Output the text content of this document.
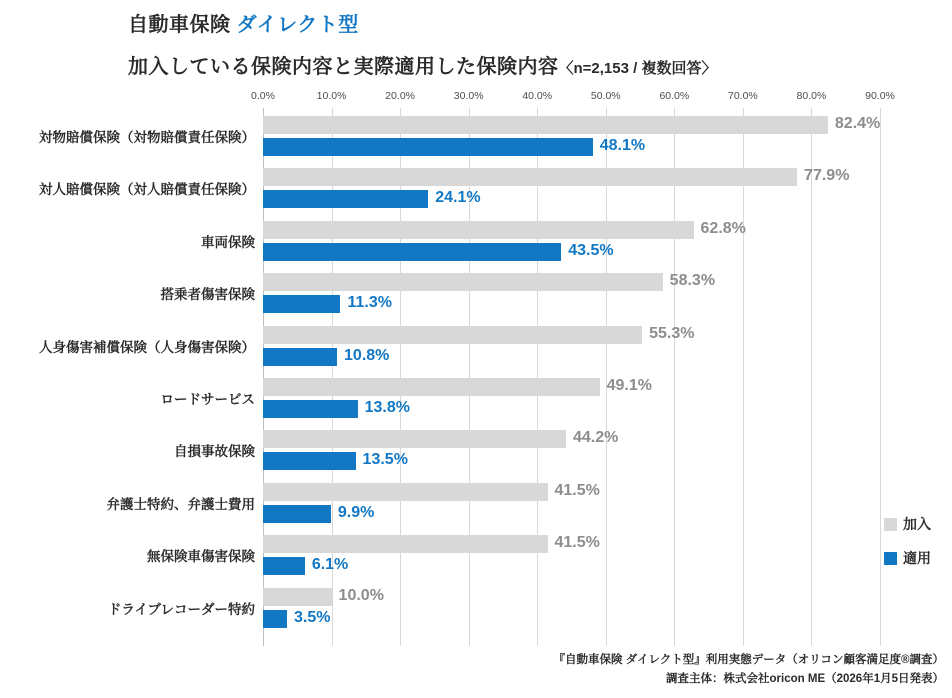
自動車保険 ダイレクト型
加入している保険内容と実際適用した保険内容〈n=2,153 / 複数回答〉
0.0%	10.0%	20.0%	30.0%	40.0%	50.0%	60.0%	70.0%	80.0%	90.0%
対物賠償保険（対物賠償責任保険）
82.4%
48.1%
対人賠償保険（対人賠償責任保険）
77.9%
24.1%
車両保険
62.8%
43.5%
搭乗者傷害保険
58.3%
11.3%
人身傷害補償保険（人身傷害保険）
55.3%
10.8%
ロードサービス
49.1%
13.8%
自損事故保険
44.2%
13.5%
弁護士特約、弁護士費用
41.5%
9.9%
無保険車傷害保険
41.5%
6.1%
ドライブレコーダー特約
10.0%
3.5%
加入
適用
『自動車保険 ダイレクト型』利用実態データ（オリコン顧客満足度®調査）
調査主体：株式会社oricon ME（2026年1月5日発表）
